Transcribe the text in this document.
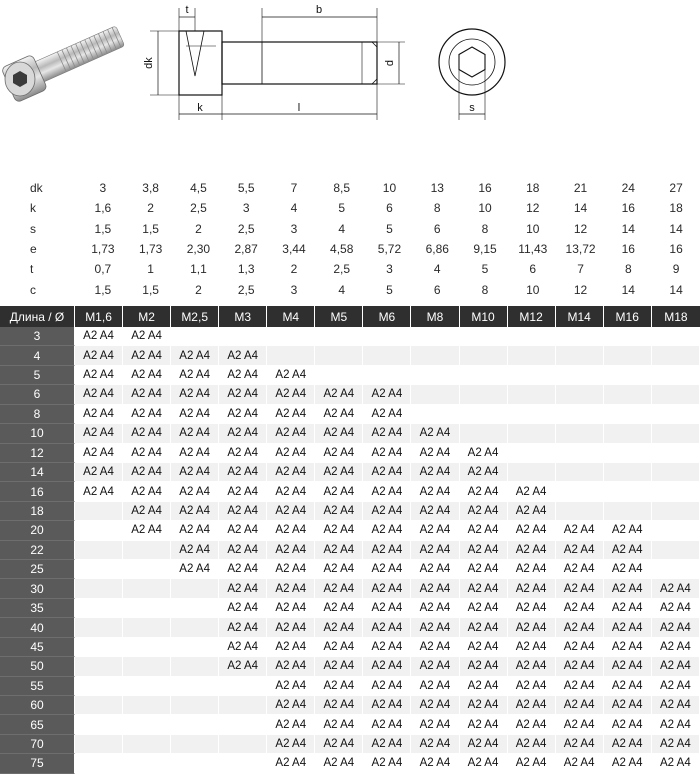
t	b
dk	d
k	l	s
dk	3	3,8	4,5	5,5	7	8,5	10	13	16	18	21	24	27
k	1,6	2	2,5	3	4	5	6	8	10	12	14	16	18
s	1,5	1,5	2	2,5	3	4	5	6	8	10	12	14	14
e	1,73	1,73	2,30	2,87	3,44	4,58	5,72	6,86	9,15	11,43	13,72	16	16
t	0,7	1	1,1	1,3	2	2,5	3	4	5	6	7	8	9
c	1,5	1,5	2	2,5	3	4	5	6	8	10	12	14	14
Длина / Ø	M1,6	M2	M2,5	M3	M4	M5	M6	M8	M10	M12	M14	M16	M18
3	A2 A4	A2 A4											
4	A2 A4	A2 A4	A2 A4	A2 A4									
5	A2 A4	A2 A4	A2 A4	A2 A4	A2 A4								
6	A2 A4	A2 A4	A2 A4	A2 A4	A2 A4	A2 A4	A2 A4						
8	A2 A4	A2 A4	A2 A4	A2 A4	A2 A4	A2 A4	A2 A4						
10	A2 A4	A2 A4	A2 A4	A2 A4	A2 A4	A2 A4	A2 A4	A2 A4					
12	A2 A4	A2 A4	A2 A4	A2 A4	A2 A4	A2 A4	A2 A4	A2 A4	A2 A4				
14	A2 A4	A2 A4	A2 A4	A2 A4	A2 A4	A2 A4	A2 A4	A2 A4	A2 A4				
16	A2 A4	A2 A4	A2 A4	A2 A4	A2 A4	A2 A4	A2 A4	A2 A4	A2 A4	A2 A4			
18		A2 A4	A2 A4	A2 A4	A2 A4	A2 A4	A2 A4	A2 A4	A2 A4	A2 A4			
20		A2 A4	A2 A4	A2 A4	A2 A4	A2 A4	A2 A4	A2 A4	A2 A4	A2 A4	A2 A4	A2 A4	
22			A2 A4	A2 A4	A2 A4	A2 A4	A2 A4	A2 A4	A2 A4	A2 A4	A2 A4	A2 A4	
25			A2 A4	A2 A4	A2 A4	A2 A4	A2 A4	A2 A4	A2 A4	A2 A4	A2 A4	A2 A4	
30				A2 A4	A2 A4	A2 A4	A2 A4	A2 A4	A2 A4	A2 A4	A2 A4	A2 A4	A2 A4
35				A2 A4	A2 A4	A2 A4	A2 A4	A2 A4	A2 A4	A2 A4	A2 A4	A2 A4	A2 A4
40				A2 A4	A2 A4	A2 A4	A2 A4	A2 A4	A2 A4	A2 A4	A2 A4	A2 A4	A2 A4
45				A2 A4	A2 A4	A2 A4	A2 A4	A2 A4	A2 A4	A2 A4	A2 A4	A2 A4	A2 A4
50				A2 A4	A2 A4	A2 A4	A2 A4	A2 A4	A2 A4	A2 A4	A2 A4	A2 A4	A2 A4
55					A2 A4	A2 A4	A2 A4	A2 A4	A2 A4	A2 A4	A2 A4	A2 A4	A2 A4
60					A2 A4	A2 A4	A2 A4	A2 A4	A2 A4	A2 A4	A2 A4	A2 A4	A2 A4
65					A2 A4	A2 A4	A2 A4	A2 A4	A2 A4	A2 A4	A2 A4	A2 A4	A2 A4
70					A2 A4	A2 A4	A2 A4	A2 A4	A2 A4	A2 A4	A2 A4	A2 A4	A2 A4
75					A2 A4	A2 A4	A2 A4	A2 A4	A2 A4	A2 A4	A2 A4	A2 A4	A2 A4
